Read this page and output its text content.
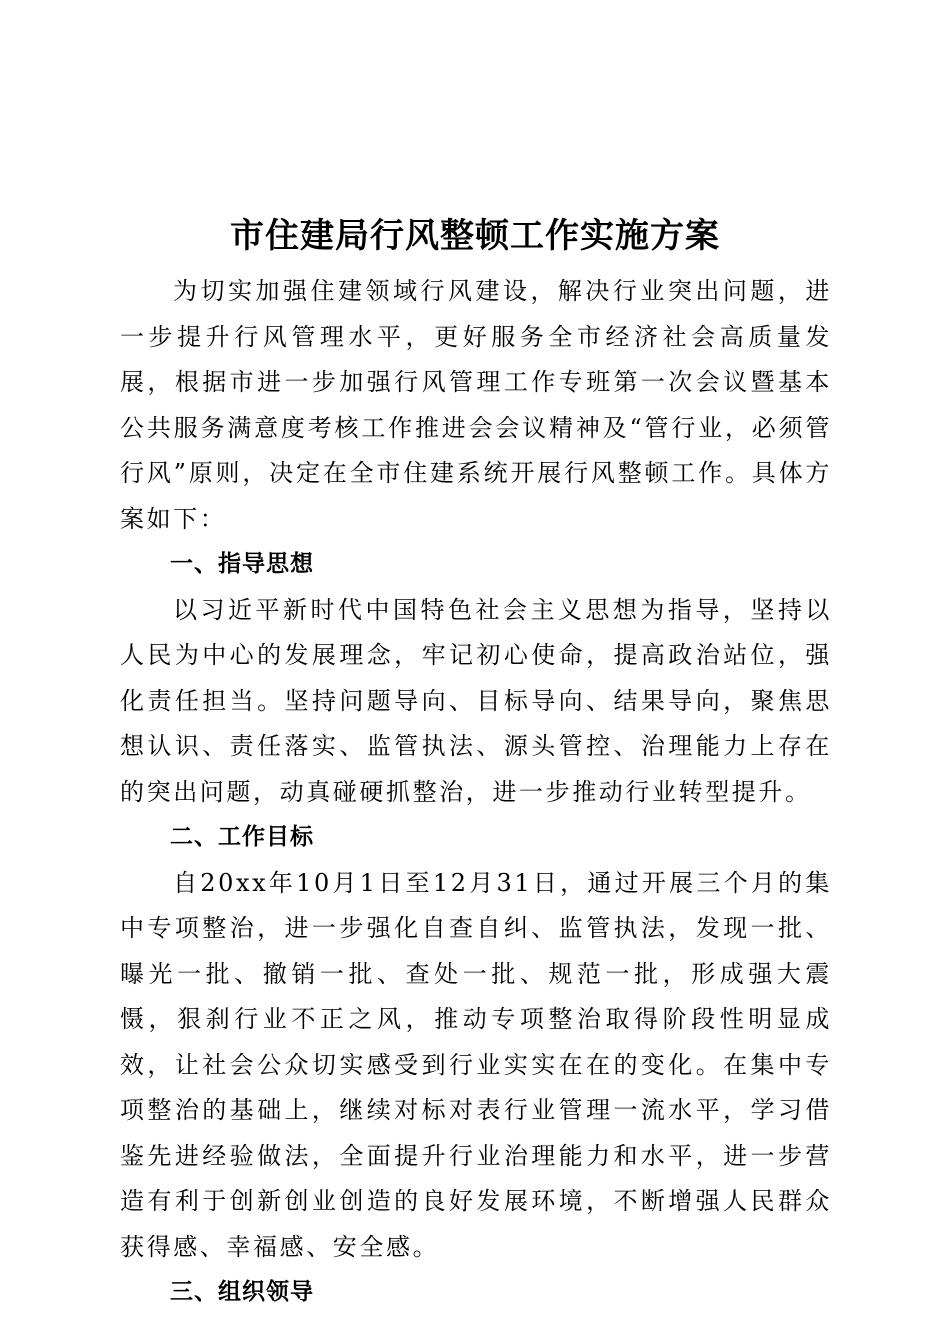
市住建局行风整顿工作实施方案

为切实加强住建领域行风建设，解决行业突出问题，进一步提升行风管理水平，更好服务全市经济社会高质量发展，根据市进一步加强行风管理工作专班第一次会议暨基本公共服务满意度考核工作推进会会议精神及“管行业，必须管行风”原则，决定在全市住建系统开展行风整顿工作。具体方案如下：

一、指导思想

以习近平新时代中国特色社会主义思想为指导，坚持以人民为中心的发展理念，牢记初心使命，提高政治站位，强化责任担当。坚持问题导向、目标导向、结果导向，聚焦思想认识、责任落实、监管执法、源头管控、治理能力上存在的突出问题，动真碰硬抓整治，进一步推动行业转型提升。

二、工作目标

自20xx年10月1日至12月31日，通过开展三个月的集中专项整治，进一步强化自查自纠、监管执法，发现一批、曝光一批、撤销一批、查处一批、规范一批，形成强大震慑，狠刹行业不正之风，推动专项整治取得阶段性明显成效，让社会公众切实感受到行业实实在在的变化。在集中专项整治的基础上，继续对标对表行业管理一流水平，学习借鉴先进经验做法，全面提升行业治理能力和水平，进一步营造有利于创新创业创造的良好发展环境，不断增强人民群众获得感、幸福感、安全感。

三、组织领导
